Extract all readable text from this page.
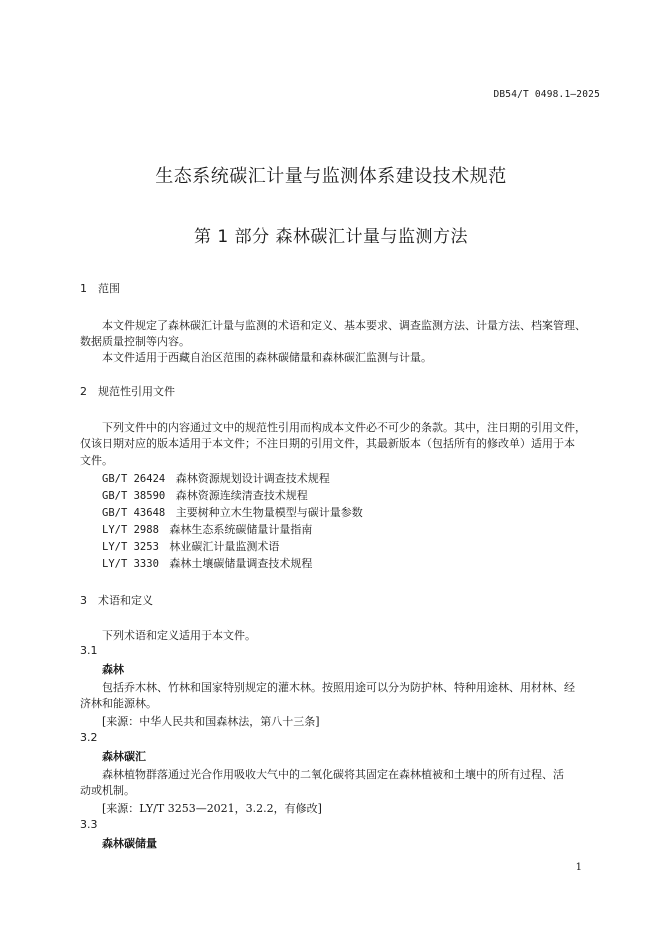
DB54/T 0498.1—2025
生态系统碳汇计量与监测体系建设技术规范
第 1 部分 森林碳汇计量与监测方法
1 范围
本文件规定了森林碳汇计量与监测的术语和定义、基本要求、调查监测方法、计量方法、档案管理、
数据质量控制等内容。
本文件适用于西藏自治区范围的森林碳储量和森林碳汇监测与计量。
2 规范性引用文件
下列文件中的内容通过文中的规范性引用而构成本文件必不可少的条款。其中，注日期的引用文件，
仅该日期对应的版本适用于本文件；不注日期的引用文件，其最新版本（包括所有的修改单）适用于本
文件。
GB/T 26424 森林资源规划设计调查技术规程
GB/T 38590 森林资源连续清查技术规程
GB/T 43648 主要树种立木生物量模型与碳计量参数
LY/T 2988 森林生态系统碳储量计量指南
LY/T 3253 林业碳汇计量监测术语
LY/T 3330 森林土壤碳储量调查技术规程
3 术语和定义
下列术语和定义适用于本文件。
3.1
森林
包括乔木林、竹林和国家特别规定的灌木林。按照用途可以分为防护林、特种用途林、用材林、经
济林和能源林。
[来源：中华人民共和国森林法，第八十三条]
3.2
森林碳汇
森林植物群落通过光合作用吸收大气中的二氧化碳将其固定在森林植被和土壤中的所有过程、活
动或机制。
[来源：LY/T 3253—2021，3.2.2，有修改]
3.3
森林碳储量
1
